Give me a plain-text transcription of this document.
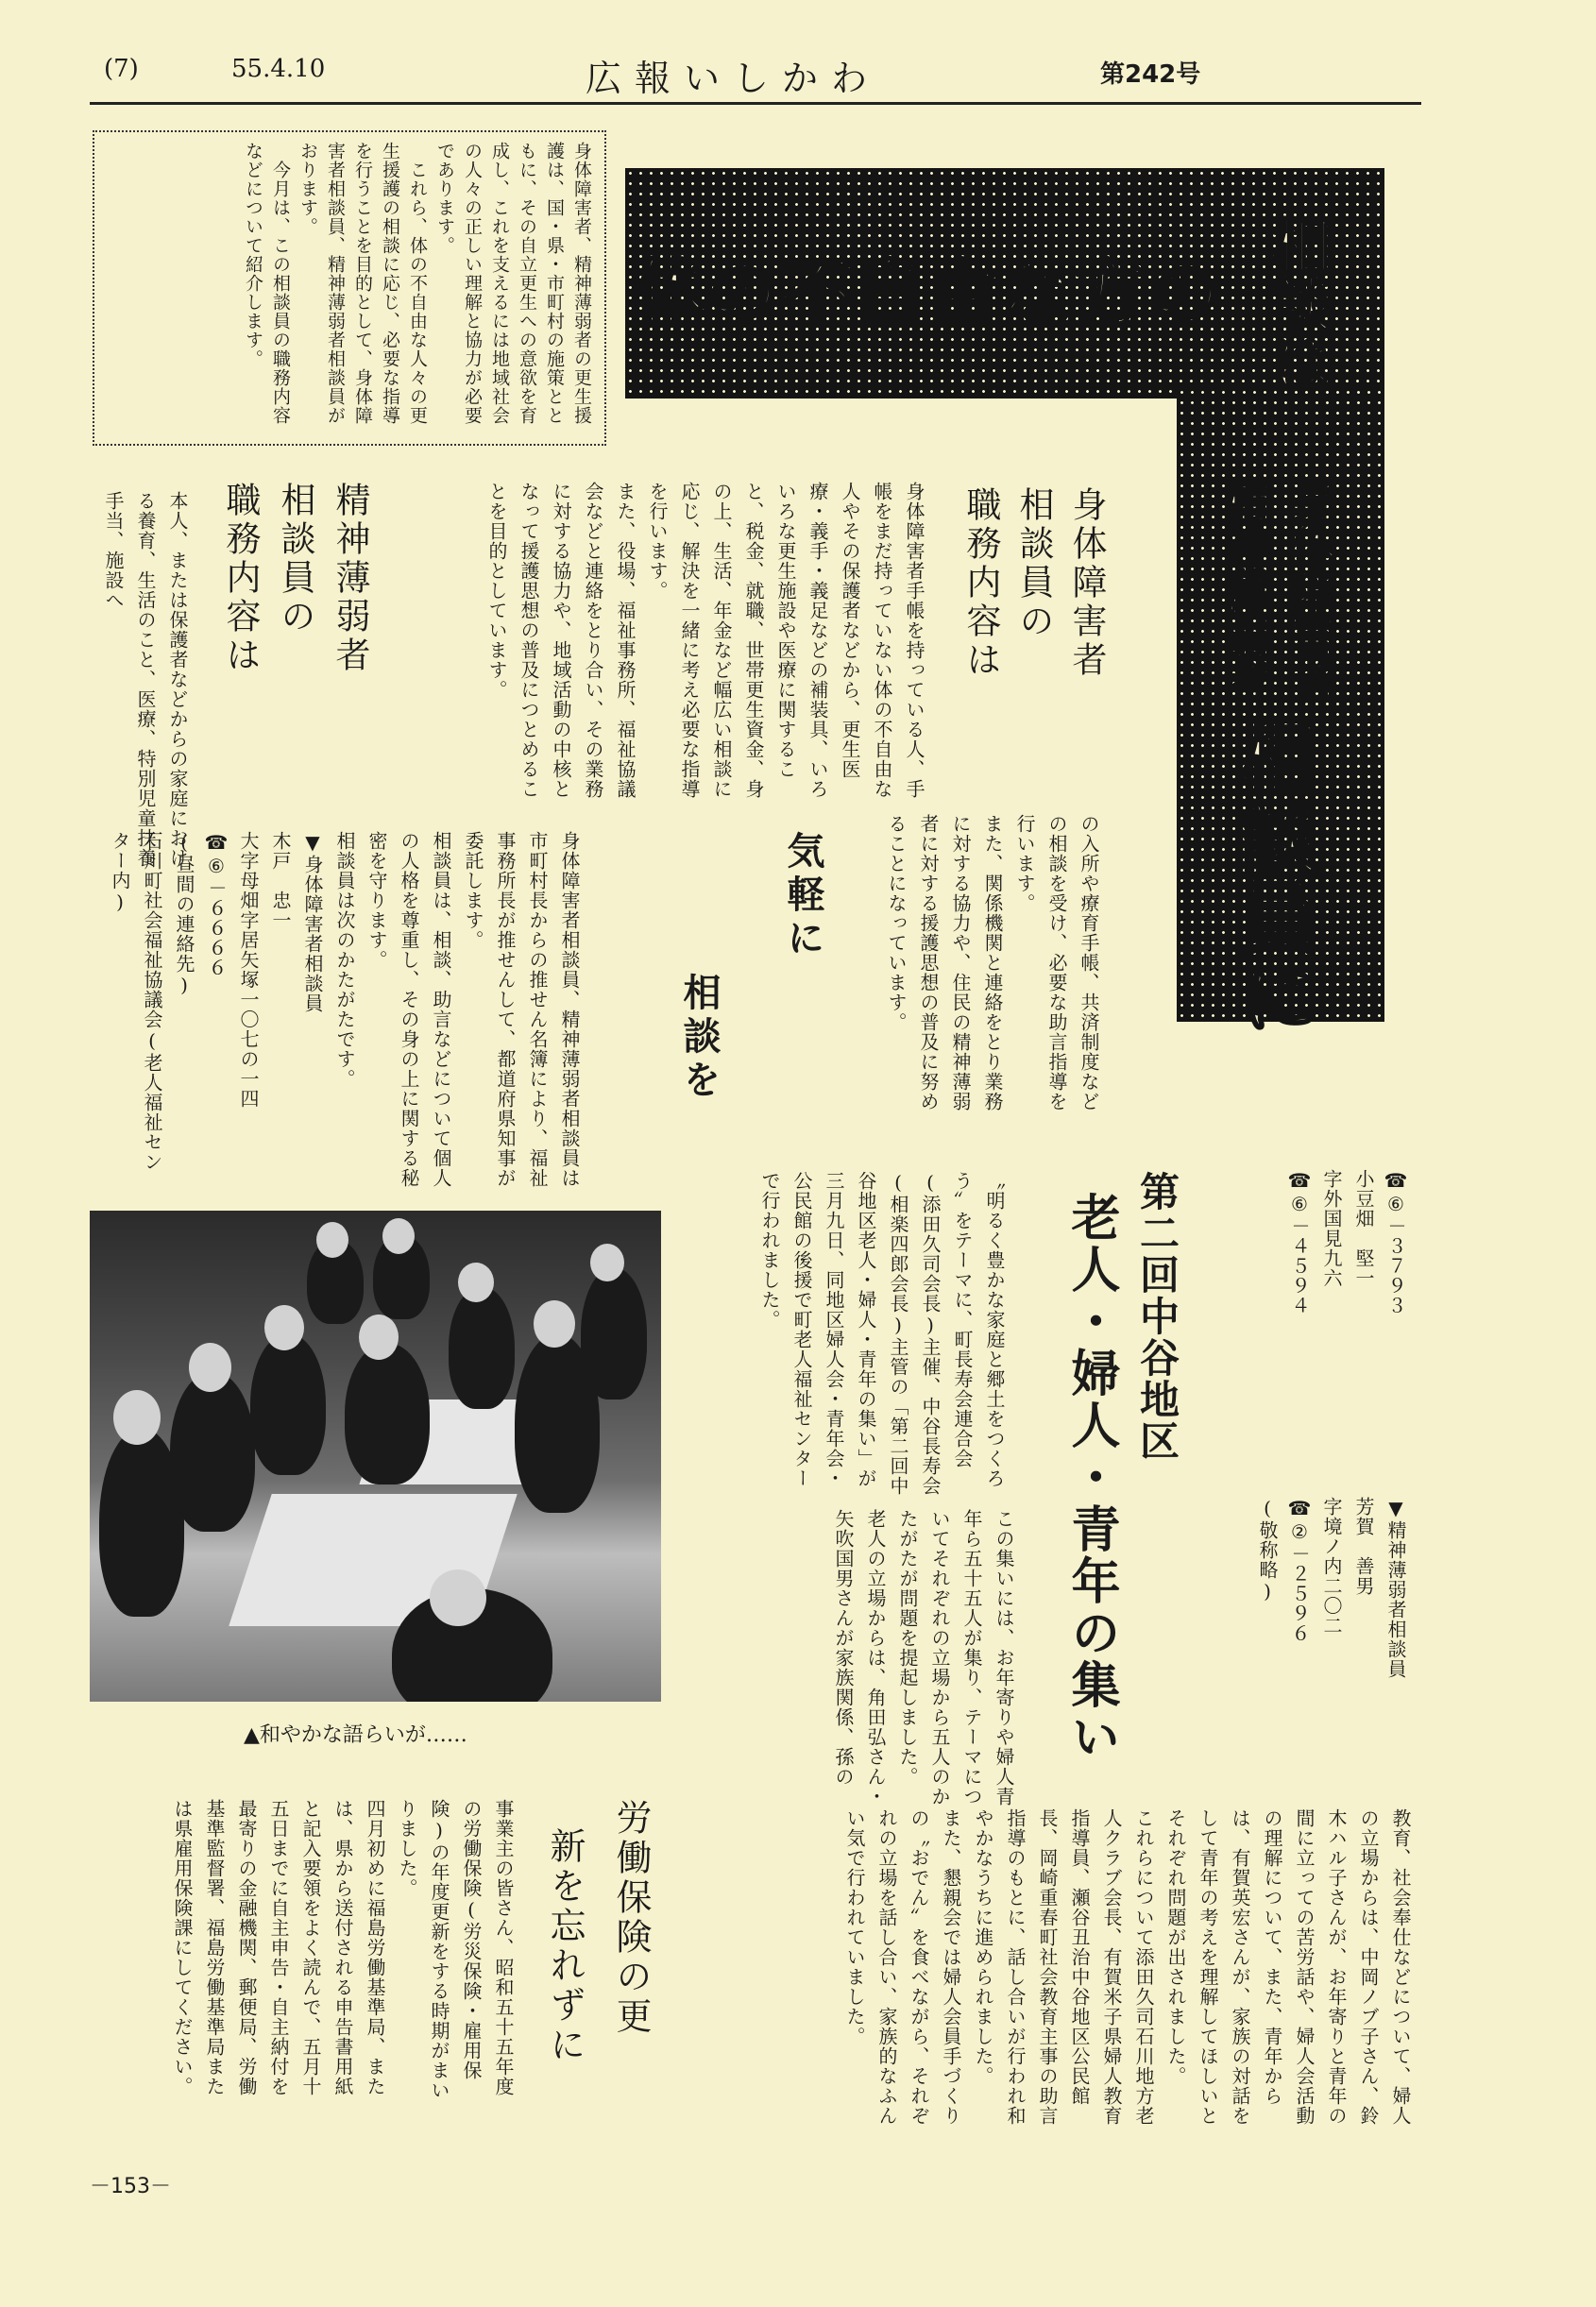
(7)	55.4.10	広報いしかわ	第242号
体の不自由な方の 相談は
身体障害者
精神薄弱者
相談員に
身体障害者、精神薄弱者の更生援護は、国・県・市町村の施策とともに、その自立更生への意欲を育成し、これを支えるには地域社会の人々の正しい理解と協力が必要であります。
　これら、体の不自由な人々の更生援護の相談に応じ、必要な指導を行うことを目的として、身体障害者相談員、精神薄弱者相談員がおります。
　今月は、この相談員の職務内容などについて紹介します。
身体障害者
相談員の
職務内容は
身体障害者手帳を持っている人、手帳をまだ持っていない体の不自由な人やその保護者などから、更生医療・義手・義足などの補装具、いろいろな更生施設や医療に関すること、税金、就職、世帯更生資金、身の上、生活、年金など幅広い相談に応じ、解決を一緒に考え必要な指導を行います。
また、役場、福祉事務所、福祉協議会などと連絡をとり合い、その業務に対する協力や、地域活動の中核となって援護思想の普及につとめることを目的としています。
の入所や療育手帳、共済制度などの相談を受け、必要な助言指導を行います。
また、関係機関と連絡をとり業務に対する協力や、住民の精神薄弱者に対する援護思想の普及に努めることになっています。
気軽に
相談を
身体障害者相談員、精神薄弱者相談員は市町村長からの推せん名簿により、福祉事務所長が推せんして、都道府県知事が委託します。
相談員は、相談、助言などについて個人の人格を尊重し、その身の上に関する秘密を守ります。
相談員は次のかたがたです。
▼身体障害者相談員
木戸　忠一
大字母畑字居矢塚一〇七の一四
☎⑥－６６６６
(昼間の連絡先)
石川町社会福祉協議会(老人福祉センター内)
精神薄弱者
相談員の
職務内容は
本人、または保護者などからの家庭における養育、生活のこと、医療、特別児童扶養手当、施設へ
☎⑥－３７９３
小豆畑　堅一
字外国見九六
☎⑥－４５９４
▼精神薄弱者相談員
芳賀　善男
字境ノ内二〇二
☎②－２５９６
(敬称略)
第二回中谷地区
老人・婦人・青年の集い
〝明るく豊かな家庭と郷土をつくろう〟をテーマに、町長寿会連合会(添田久司会長)主催、中谷長寿会(相楽四郎会長)主管の「第二回中谷地区老人・婦人・青年の集い」が三月九日、同地区婦人会・青年会・公民館の後援で町老人福祉センターで行われました。
この集いには、お年寄りや婦人青年ら五十五人が集り、テーマについてそれぞれの立場から五人のかたがたが問題を提起しました。
老人の立場からは、角田弘さん・矢吹国男さんが家族関係、孫の
教育、社会奉仕などについて、婦人の立場からは、中岡ノブ子さん、鈴木ハル子さんが、お年寄りと青年の間に立っての苦労話や、婦人会活動の理解について、また、青年からは、有賀英宏さんが、家族の対話をして青年の考えを理解してほしいとそれぞれ問題が出されました。
これらについて添田久司石川地方老人クラブ会長、有賀米子県婦人教育指導員、瀬谷丑治中谷地区公民館長、岡崎重春町社会教育主事の助言指導のもとに、話し合いが行われ和やかなうちに進められました。
また、懇親会では婦人会員手づくりの〝おでん〟を食べながら、それぞれの立場を話し合い、家族的なふんい気で行われていました。
▲和やかな語らいが……
労働保険の更
新を忘れずに
事業主の皆さん、昭和五十五年度の労働保険(労災保険・雇用保険)の年度更新をする時期がまいりました。
四月初めに福島労働基準局、または、県から送付される申告書用紙と記入要領をよく読んで、五月十五日までに自主申告・自主納付を最寄りの金融機関、郵便局、労働基準監督署、福島労働基準局または県雇用保険課にしてください。
－153－
